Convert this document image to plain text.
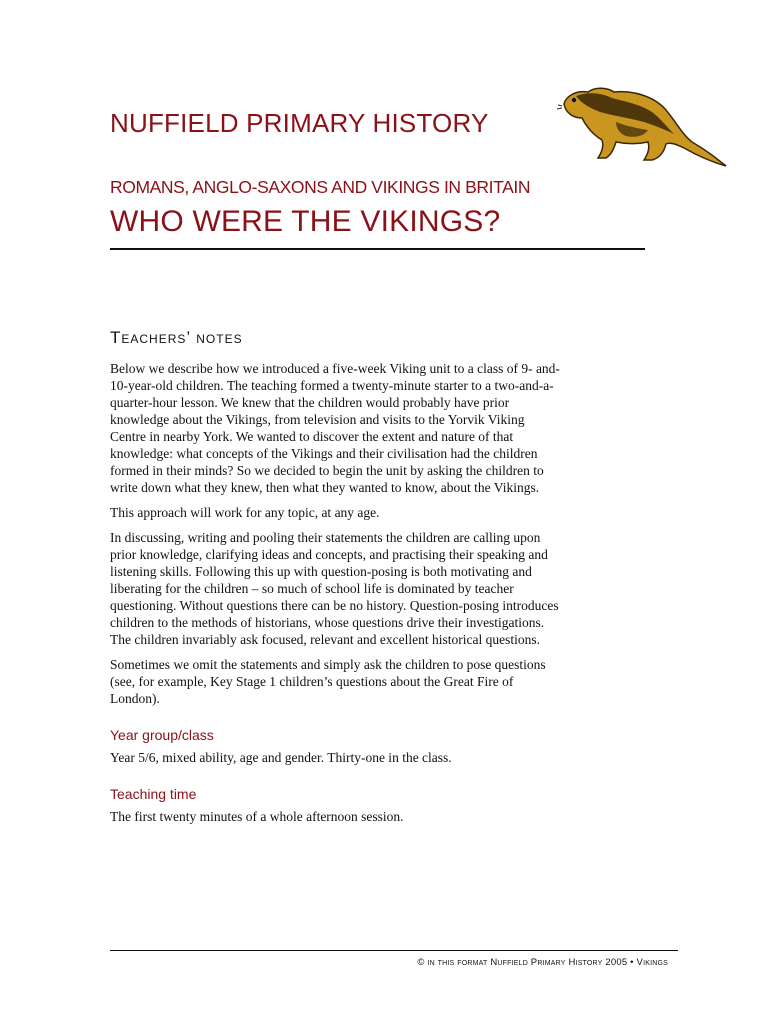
NUFFIELD PRIMARY HISTORY
ROMANS, ANGLO-SAXONS AND VIKINGS IN BRITAIN
WHO WERE THE VIKINGS?
Teachers’ notes

Below we describe how we introduced a five-week Viking unit to a class of 9- and-10-year-old children. The teaching formed a twenty-minute starter to a two-and-a-quarter-hour lesson. We knew that the children would probably have prior knowledge about the Vikings, from television and visits to the Yorvik Viking Centre in nearby York. We wanted to discover the extent and nature of that knowledge: what concepts of the Vikings and their civilisation had the children formed in their minds? So we decided to begin the unit by asking the children to write down what they knew, then what they wanted to know, about the Vikings.

This approach will work for any topic, at any age.

In discussing, writing and pooling their statements the children are calling upon prior knowledge, clarifying ideas and concepts, and practising their speaking and listening skills. Following this up with question-posing is both motivating and liberating for the children – so much of school life is dominated by teacher questioning. Without questions there can be no history. Question-posing introduces children to the methods of historians, whose questions drive their investigations. The children invariably ask focused, relevant and excellent historical questions.

Sometimes we omit the statements and simply ask the children to pose questions (see, for example, Key Stage 1 children’s questions about the Great Fire of London).

Year group/class

Year 5/6, mixed ability, age and gender. Thirty-one in the class.

Teaching time

The first twenty minutes of a whole afternoon session.

© in this format Nuffield Primary History 2005 • Vikings
